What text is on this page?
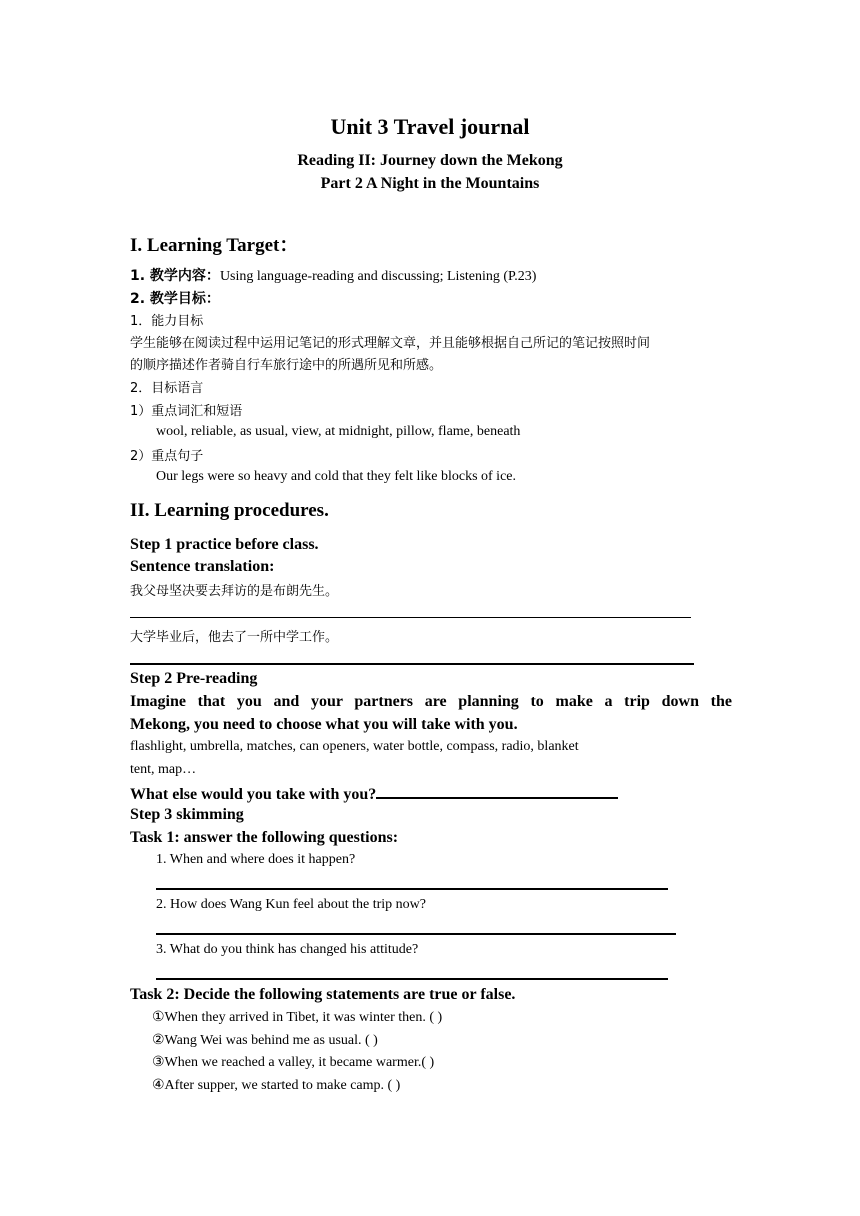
Unit 3 Travel journal
Reading II: Journey down the Mekong
Part 2 A Night in the Mountains
I. Learning Target：
1. 教学内容：Using language-reading and discussing; Listening (P.23)
2. 教学目标：
1．能力目标
学生能够在阅读过程中运用记笔记的形式理解文章，并且能够根据自己所记的笔记按照时间
的顺序描述作者骑自行车旅行途中的所遇所见和所感。
2．目标语言
1）重点词汇和短语
wool, reliable, as usual, view, at midnight, pillow, flame, beneath
2）重点句子
Our legs were so heavy and cold that they felt like blocks of ice.
II. Learning procedures.
Step 1 practice before class.
Sentence translation:
我父母坚决要去拜访的是布朗先生。
大学毕业后，他去了一所中学工作。
Step 2 Pre-reading
Imagine that you and your partners are planning to make a trip down the
Mekong, you need to choose what you will take with you.
flashlight, umbrella, matches, can openers, water bottle, compass, radio, blanket
tent, map…
What else would you take with you?
Step 3 skimming
Task 1: answer the following questions:
1. When and where does it happen?
2. How does Wang Kun feel about the trip now?
3. What do you think has changed his attitude?
Task 2: Decide the following statements are true or false.
①When they arrived in Tibet, it was winter then. ( )
②Wang Wei was behind me as usual. ( )
③When we reached a valley, it became warmer.( )
④After supper, we started to make camp. ( )
